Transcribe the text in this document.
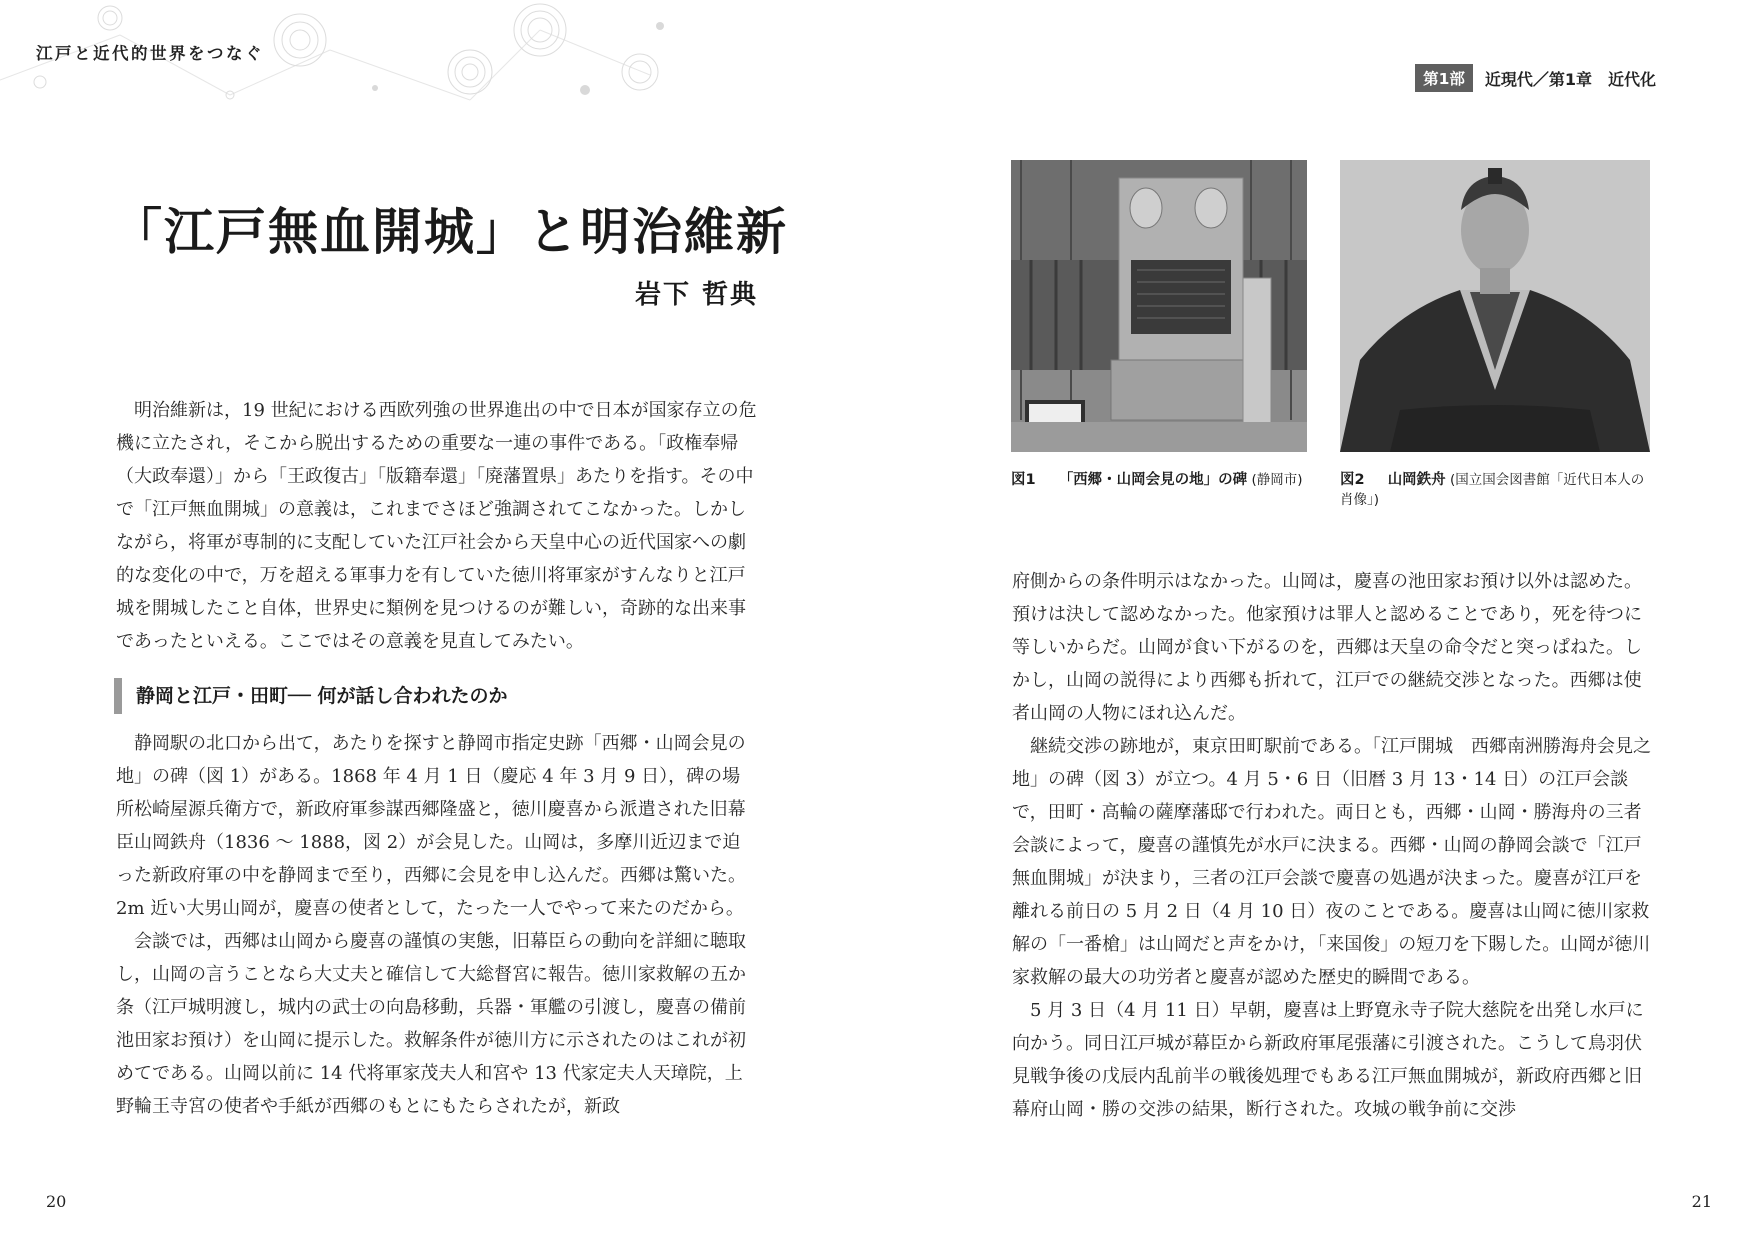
江戸と近代的世界をつなぐ
第1部	近現代／第1章　近代化
「江戸無血開城」と明治維新
岩下 哲典

明治維新は，19 世紀における西欧列強の世界進出の中で日本が国家存立の危機に立たされ，そこから脱出するための重要な一連の事件である。「政権奉帰（大政奉還）」から「王政復古」「版籍奉還」「廃藩置県」あたりを指す。その中で「江戸無血開城」の意義は，これまでさほど強調されてこなかった。しかしながら，将軍が専制的に支配していた江戸社会から天皇中心の近代国家への劇的な変化の中で，万を超える軍事力を有していた徳川将軍家がすんなりと江戸城を開城したこと自体，世界史に類例を見つけるのが難しい，奇跡的な出来事であったといえる。ここではその意義を見直してみたい。

静岡と江戸・田町── 何が話し合われたのか

静岡駅の北口から出て，あたりを探すと静岡市指定史跡「西郷・山岡会見の地」の碑（図 1）がある。1868 年 4 月 1 日（慶応 4 年 3 月 9 日），碑の場所松崎屋源兵衛方で，新政府軍参謀西郷隆盛と，徳川慶喜から派遣された旧幕臣山岡鉄舟（1836 ～ 1888，図 2）が会見した。山岡は，多摩川近辺まで迫った新政府軍の中を静岡まで至り，西郷に会見を申し込んだ。西郷は驚いた。2m 近い大男山岡が，慶喜の使者として，たった一人でやって来たのだから。

会談では，西郷は山岡から慶喜の謹慎の実態，旧幕臣らの動向を詳細に聴取し，山岡の言うことなら大丈夫と確信して大総督宮に報告。徳川家救解の五か条（江戸城明渡し，城内の武士の向島移動，兵器・軍艦の引渡し，慶喜の備前池田家お預け）を山岡に提示した。救解条件が徳川方に示されたのはこれが初めてである。山岡以前に 14 代将軍家茂夫人和宮や 13 代家定夫人天璋院，上野輪王寺宮の使者や手紙が西郷のもとにもたらされたが，新政

図1 　 「西郷・山岡会見の地」の碑 (静岡市)	図2 　 山岡鉄舟 (国立国会図書館「近代日本人の肖像」)

府側からの条件明示はなかった。山岡は，慶喜の池田家お預け以外は認めた。預けは決して認めなかった。他家預けは罪人と認めることであり，死を待つに等しいからだ。山岡が食い下がるのを，西郷は天皇の命令だと突っぱねた。しかし，山岡の説得により西郷も折れて，江戸での継続交渉となった。西郷は使者山岡の人物にほれ込んだ。

継続交渉の跡地が，東京田町駅前である。「江戸開城　西郷南洲勝海舟会見之地」の碑（図 3）が立つ。4 月 5・6 日（旧暦 3 月 13・14 日）の江戸会談で，田町・高輪の薩摩藩邸で行われた。両日とも，西郷・山岡・勝海舟の三者会談によって，慶喜の謹慎先が水戸に決まる。西郷・山岡の静岡会談で「江戸無血開城」が決まり，三者の江戸会談で慶喜の処遇が決まった。慶喜が江戸を離れる前日の 5 月 2 日（4 月 10 日）夜のことである。慶喜は山岡に徳川家救解の「一番槍」は山岡だと声をかけ，「来国俊」の短刀を下賜した。山岡が徳川家救解の最大の功労者と慶喜が認めた歴史的瞬間である。

5 月 3 日（4 月 11 日）早朝，慶喜は上野寛永寺子院大慈院を出発し水戸に向かう。同日江戸城が幕臣から新政府軍尾張藩に引渡された。こうして鳥羽伏見戦争後の戊辰内乱前半の戦後処理でもある江戸無血開城が，新政府西郷と旧幕府山岡・勝の交渉の結果，断行された。攻城の戦争前に交渉

20	21
